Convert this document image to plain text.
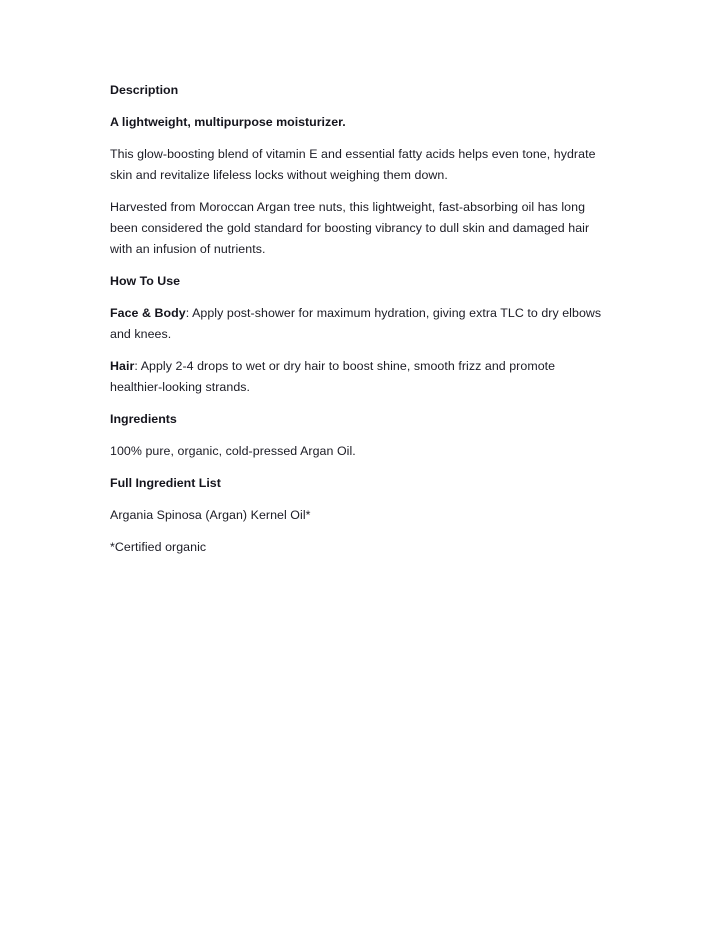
Description

A lightweight, multipurpose moisturizer.

This glow-boosting blend of vitamin E and essential fatty acids helps even tone, hydrate skin and revitalize lifeless locks without weighing them down.

Harvested from Moroccan Argan tree nuts, this lightweight, fast-absorbing oil has long been considered the gold standard for boosting vibrancy to dull skin and damaged hair with an infusion of nutrients.

How To Use

Face & Body: Apply post-shower for maximum hydration, giving extra TLC to dry elbows and knees.

Hair: Apply 2-4 drops to wet or dry hair to boost shine, smooth frizz and promote healthier-looking strands.

Ingredients

100% pure, organic, cold-pressed Argan Oil.

Full Ingredient List

Argania Spinosa (Argan) Kernel Oil*

*Certified organic
